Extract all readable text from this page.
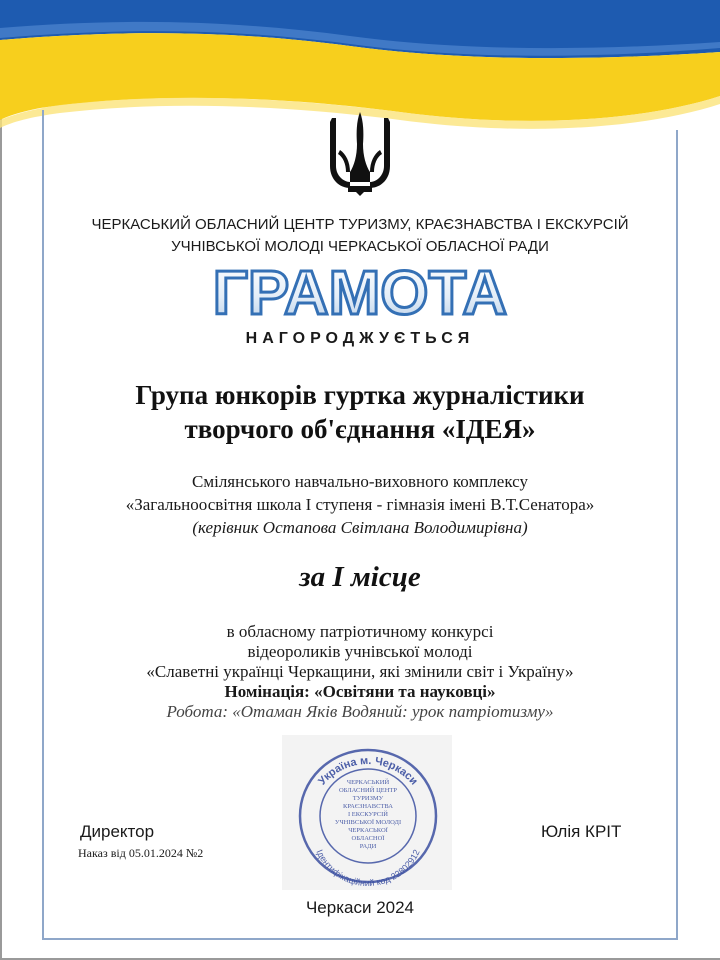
ЧЕРКАСЬКИЙ ОБЛАСНИЙ ЦЕНТР ТУРИЗМУ, КРАЄЗНАВСТВА І ЕКСКУРСІЙ
УЧНІВСЬКОЇ МОЛОДІ ЧЕРКАСЬКОЇ ОБЛАСНОЇ РАДИ
ГРАМОТА
НАГОРОДЖУЄТЬСЯ
Група юнкорів гуртка журналістики
творчого об'єднання «ІДЕЯ»
Смілянського навчально-виховного комплексу
«Загальноосвітня школа І ступеня - гімназія імені В.Т.Сенатора»
(керівник Остапова Світлана Володимирівна)
за І місце
в обласному патріотичному конкурсі
відеороликів учнівської молоді
«Славетні українці Черкащини, які змінили світ і Україну»
Номінація: «Освітяни та науковці»
Робота: «Отаман Яків Водяний: урок патріотизму»
Україна м. Черкаси
Ідентифікаційний код 22802912
ЧЕРКАСЬКИЙ
ОБЛАСНИЙ ЦЕНТР
ТУРИЗМУ
КРАЄЗНАВСТВА
І ЕКСКУРСІЙ
УЧНІВСЬКОЇ МОЛОДІ
ЧЕРКАСЬКОЇ
ОБЛАСНОЇ
РАДИ
Директор
Наказ від 05.01.2024 №2
Юлія КРІТ
Черкаси 2024
